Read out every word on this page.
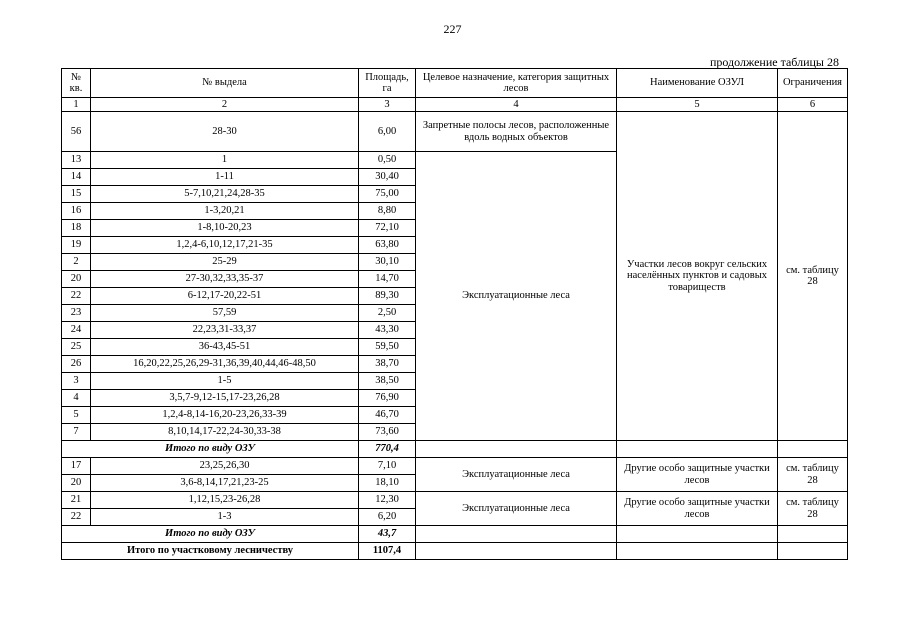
227
продолжение таблицы 28
№ кв.	№ выдела	Площадь, га	Целевое назначение, категория защитных лесов	Наименование ОЗУЛ	Ограничения
1	2	3	4	5	6
56	28-30	6,00	Запретные полосы лесов, расположенные вдоль водных объектов	Участки лесов вокруг сельских населённых пунктов и садовых товариществ	см. таблицу 28
13	1	0,50	Эксплуатационные леса		
14	1-11	30,40			
15	5-7,10,21,24,28-35	75,00			
16	1-3,20,21	8,80			
18	1-8,10-20,23	72,10			
19	1,2,4-6,10,12,17,21-35	63,80			
2	25-29	30,10			
20	27-30,32,33,35-37	14,70			
22	6-12,17-20,22-51	89,30			
23	57,59	2,50			
24	22,23,31-33,37	43,30			
25	36-43,45-51	59,50			
26	16,20,22,25,26,29-31,36,39,40,44,46-48,50	38,70			
3	1-5	38,50			
4	3,5,7-9,12-15,17-23,26,28	76,90			
5	1,2,4-8,14-16,20-23,26,33-39	46,70			
7	8,10,14,17-22,24-30,33-38	73,60			
Итого по виду ОЗУ		770,4			
17	23,25,26,30	7,10	Эксплуатационные леса	Другие особо защитные участки лесов	см. таблицу 28
20	3,6-8,14,17,21,23-25	18,10			
21	1,12,15,23-26,28	12,30	Эксплуатационные леса	Другие особо защитные участки лесов	см. таблицу 28
22	1-3	6,20			
Итого по виду ОЗУ		43,7			
Итого по участковому лесничеству		1107,4			
